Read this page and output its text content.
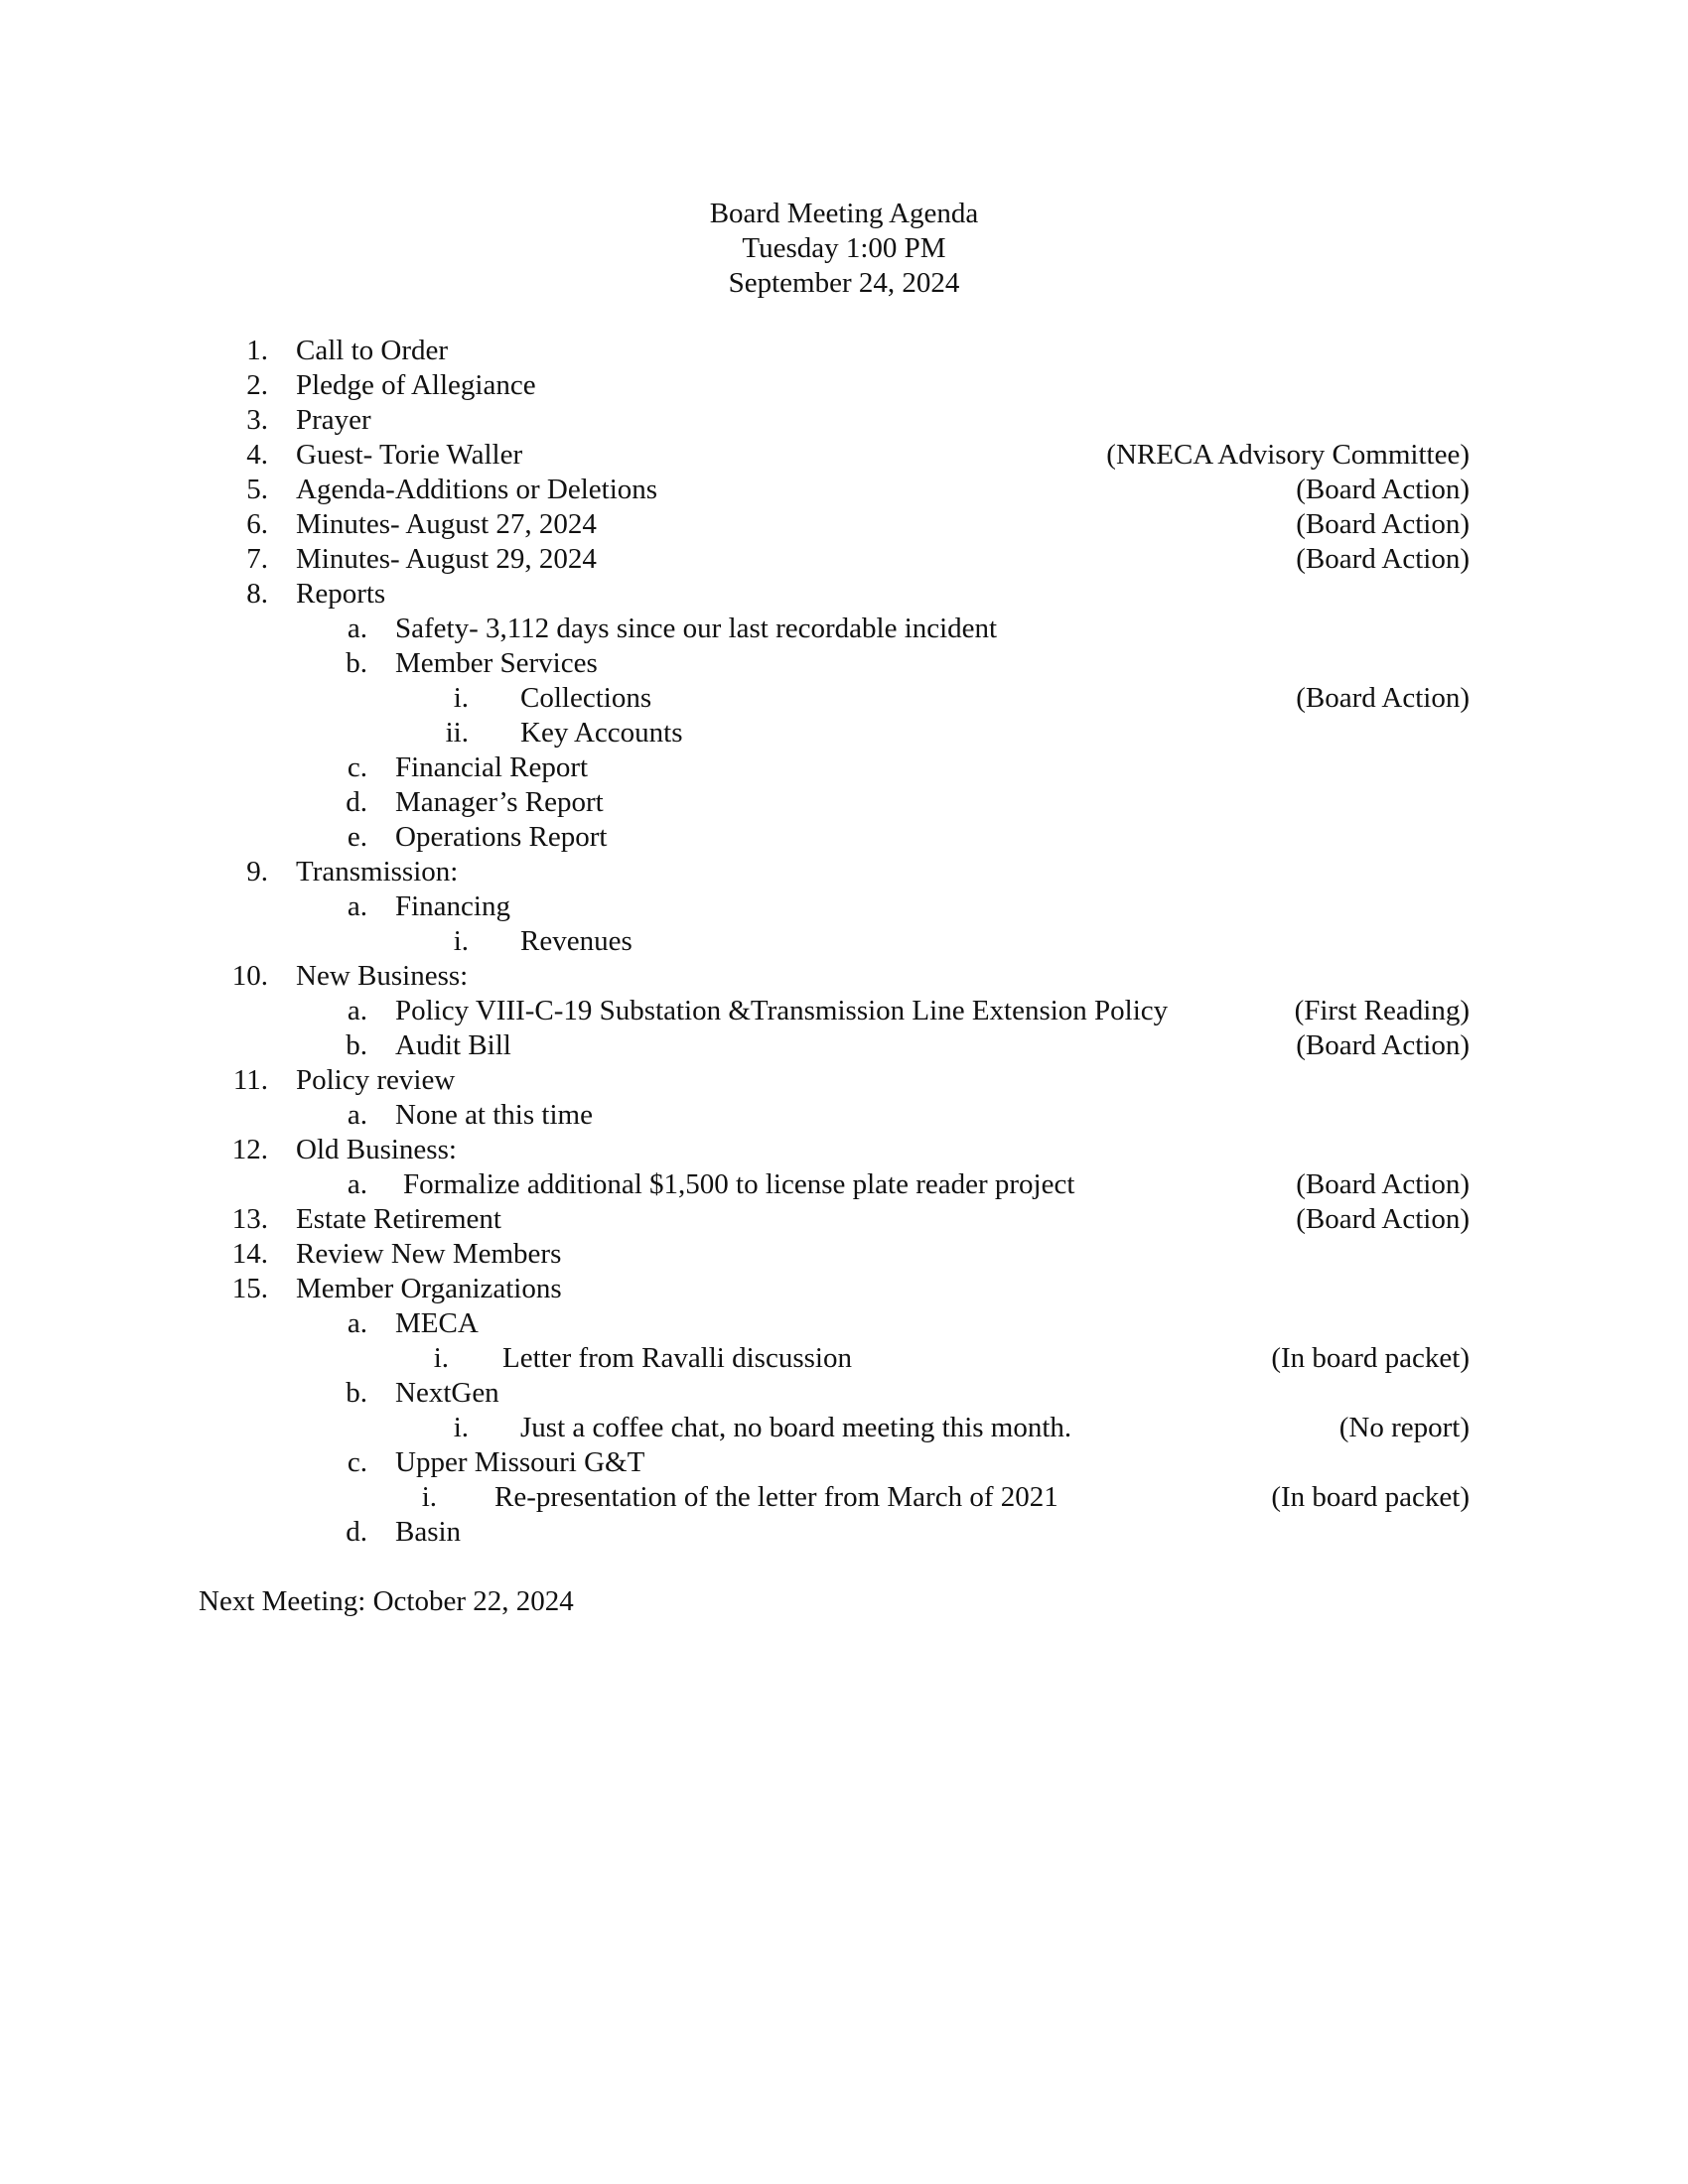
Board Meeting Agenda
Tuesday 1:00 PM
September 24, 2024
1. Call to Order
2. Pledge of Allegiance
3. Prayer
4. Guest- Torie Waller	(NRECA Advisory Committee)
5. Agenda-Additions or Deletions	(Board Action)
6. Minutes- August 27, 2024	(Board Action)
7. Minutes- August 29, 2024	(Board Action)
8. Reports
a. Safety- 3,112 days since our last recordable incident
b. Member Services
i. Collections	(Board Action)
ii. Key Accounts
c. Financial Report
d. Manager’s Report
e. Operations Report
9. Transmission:
a. Financing
i. Revenues
10. New Business:
a. Policy VIII-C-19 Substation &Transmission Line Extension Policy	(First Reading)
b. Audit Bill	(Board Action)
11. Policy review
a. None at this time
12. Old Business:
a. Formalize additional $1,500 to license plate reader project	(Board Action)
13. Estate Retirement	(Board Action)
14. Review New Members
15. Member Organizations
a. MECA
i. Letter from Ravalli discussion	(In board packet)
b. NextGen
i. Just a coffee chat, no board meeting this month.	(No report)
c. Upper Missouri G&T
i. Re-presentation of the letter from March of 2021	(In board packet)
d. Basin
Next Meeting: October 22, 2024
